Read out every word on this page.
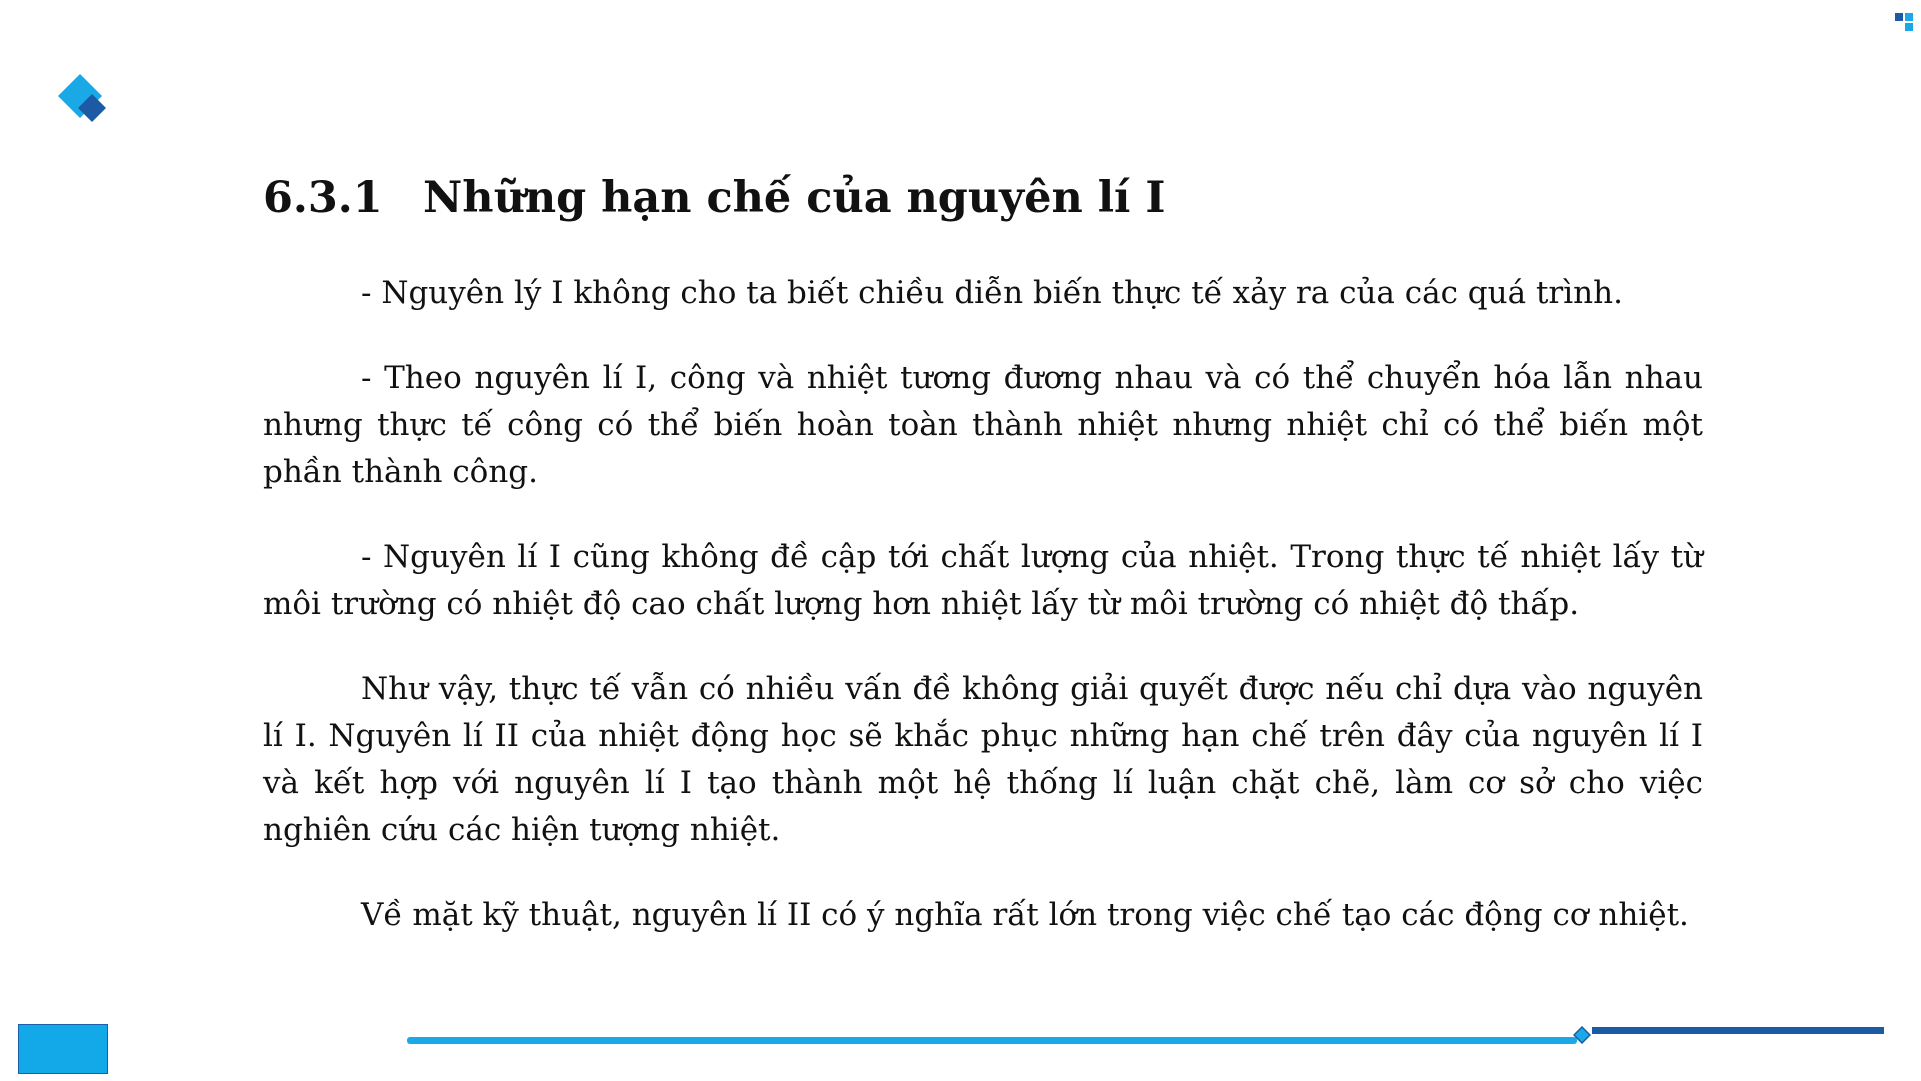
6.3.1 Những hạn chế của nguyên lí I

- Nguyên lý I không cho ta biết chiều diễn biến thực tế xảy ra của các quá trình.

- Theo nguyên lí I, công và nhiệt tương đương nhau và có thể chuyển hóa lẫn nhau nhưng thực tế công có thể biến hoàn toàn thành nhiệt nhưng nhiệt chỉ có thể biến một phần thành công.

- Nguyên lí I cũng không đề cập tới chất lượng của nhiệt. Trong thực tế nhiệt lấy từ môi trường có nhiệt độ cao chất lượng hơn nhiệt lấy từ môi trường có nhiệt độ thấp.

Như vậy, thực tế vẫn có nhiều vấn đề không giải quyết được nếu chỉ dựa vào nguyên lí I. Nguyên lí II của nhiệt động học sẽ khắc phục những hạn chế trên đây của nguyên lí I và kết hợp với nguyên lí I tạo thành một hệ thống lí luận chặt chẽ, làm cơ sở cho việc nghiên cứu các hiện tượng nhiệt.

Về mặt kỹ thuật, nguyên lí II có ý nghĩa rất lớn trong việc chế tạo các động cơ nhiệt.
